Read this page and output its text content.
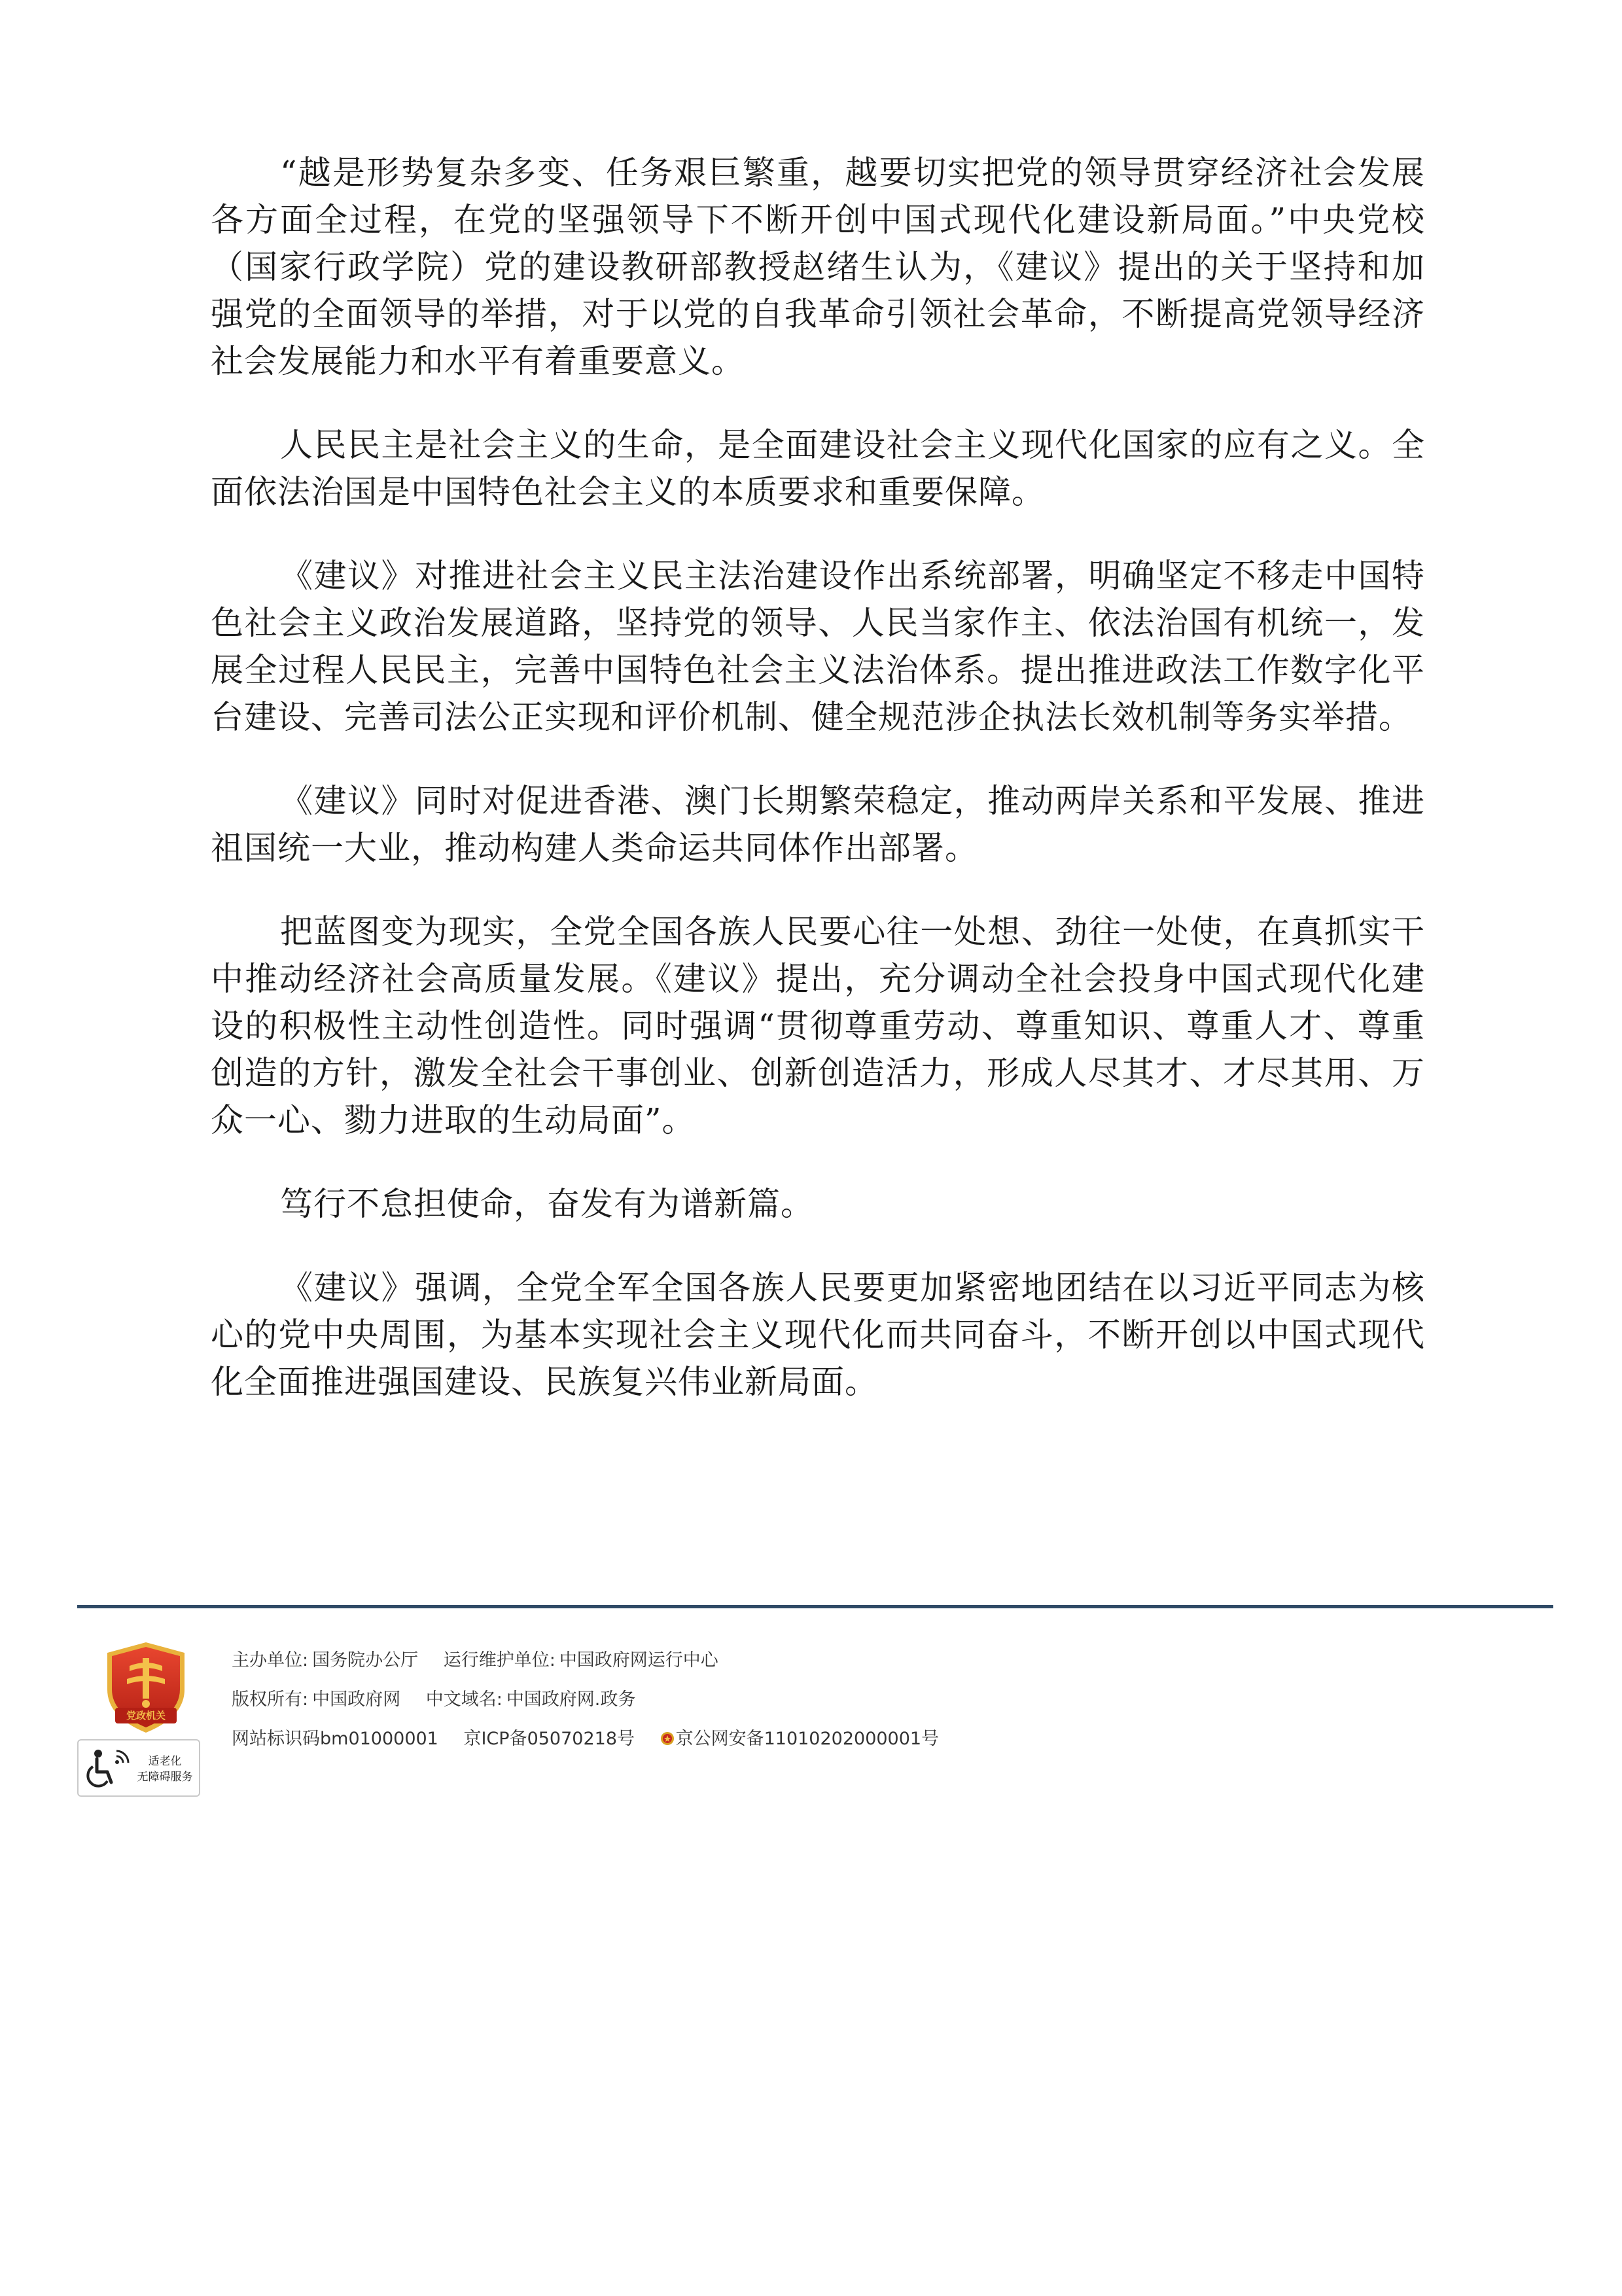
“越是形势复杂多变、任务艰巨繁重，越要切实把党的领导贯穿经济社会发展各方面全过程，在党的坚强领导下不断开创中国式现代化建设新局面。”中央党校（国家行政学院）党的建设教研部教授赵绪生认为，《建议》提出的关于坚持和加强党的全面领导的举措，对于以党的自我革命引领社会革命，不断提高党领导经济社会发展能力和水平有着重要意义。

人民民主是社会主义的生命，是全面建设社会主义现代化国家的应有之义。全面依法治国是中国特色社会主义的本质要求和重要保障。

《建议》对推进社会主义民主法治建设作出系统部署，明确坚定不移走中国特色社会主义政治发展道路，坚持党的领导、人民当家作主、依法治国有机统一，发展全过程人民民主，完善中国特色社会主义法治体系。提出推进政法工作数字化平台建设、完善司法公正实现和评价机制、健全规范涉企执法长效机制等务实举措。

《建议》同时对促进香港、澳门长期繁荣稳定，推动两岸关系和平发展、推进祖国统一大业，推动构建人类命运共同体作出部署。

把蓝图变为现实，全党全国各族人民要心往一处想、劲往一处使，在真抓实干中推动经济社会高质量发展。《建议》提出，充分调动全社会投身中国式现代化建设的积极性主动性创造性。同时强调“贯彻尊重劳动、尊重知识、尊重人才、尊重创造的方针，激发全社会干事创业、创新创造活力，形成人尽其才、才尽其用、万众一心、勠力进取的生动局面”。

笃行不怠担使命，奋发有为谱新篇。

《建议》强调，全党全军全国各族人民要更加紧密地团结在以习近平同志为核心的党中央周围，为基本实现社会主义现代化而共同奋斗，不断开创以中国式现代化全面推进强国建设、民族复兴伟业新局面。

党政机关
适老化
无障碍服务
主办单位: 国务院办公厅 运行维护单位: 中国政府网运行中心
版权所有: 中国政府网 中文域名: 中国政府网.政务
网站标识码bm01000001 京ICP备05070218号 京公网安备11010202000001号
